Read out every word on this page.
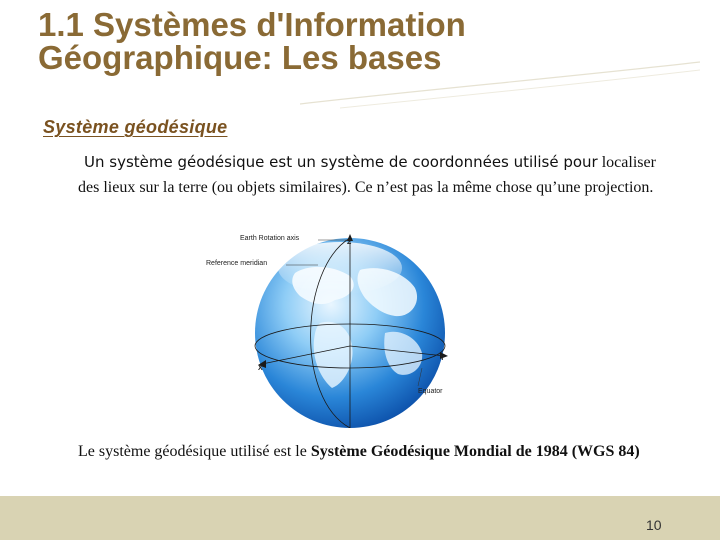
1.1 Systèmes d'Information
Géographique: Les bases
Système géodésique
Un système géodésique est un système de coordonnées utilisé pour localiser des lieux sur la terre (ou objets similaires). Ce n’est pas la même chose qu’une projection.
Earth Rotation axis
Reference meridian
Z
Y
X
Equator
Le système géodésique utilisé est le Système Géodésique Mondial de 1984 (WGS 84)
10
